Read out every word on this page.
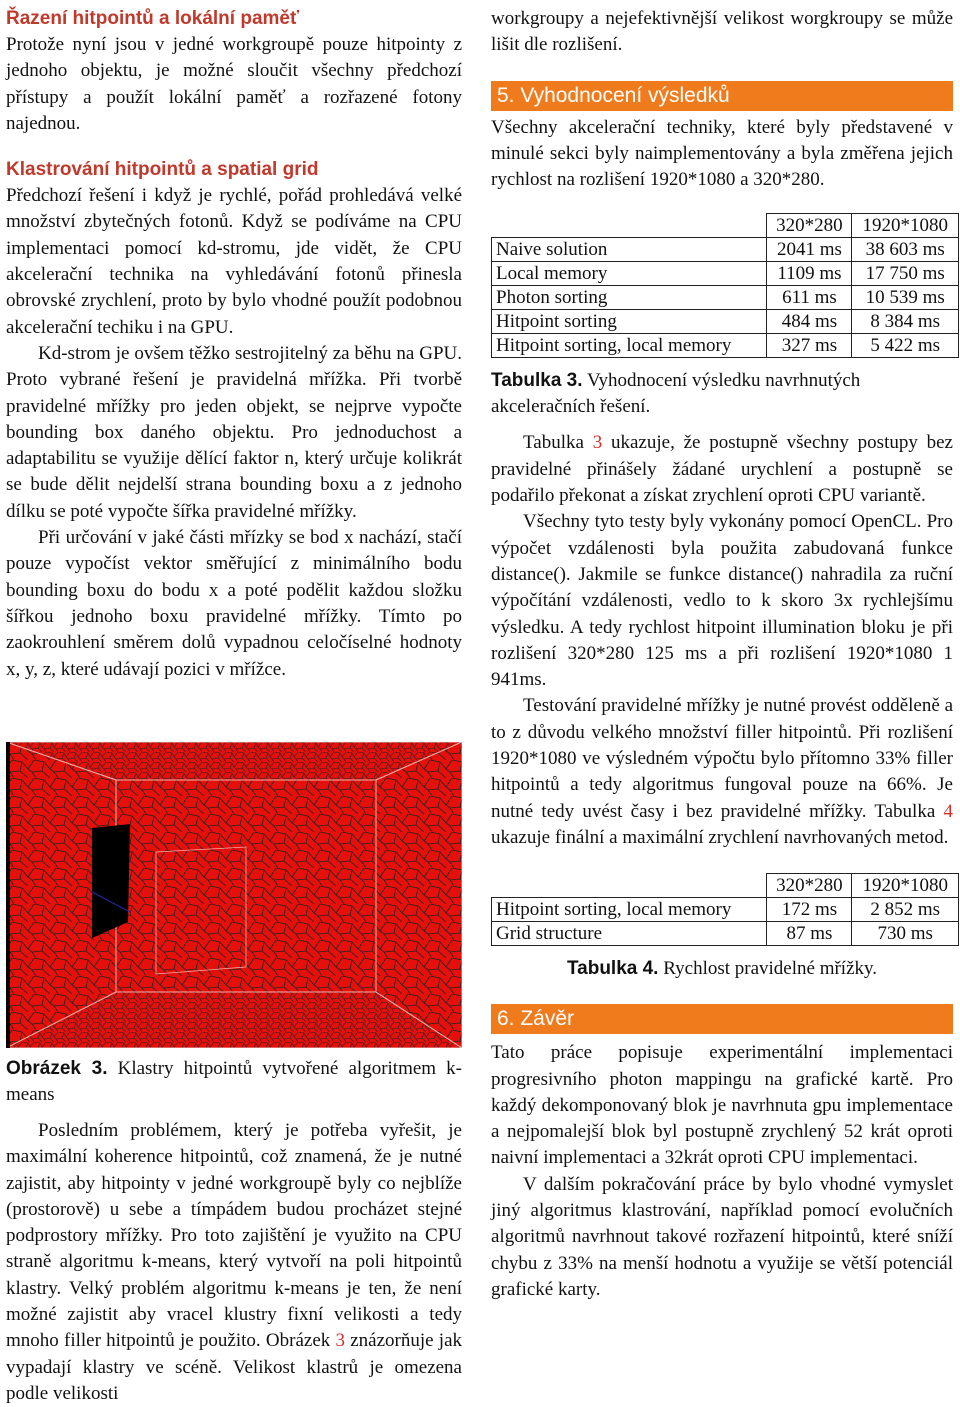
Řazení hitpointů a lokální paměť

Protože nyní jsou v jedné workgroupě pouze hitpointy z jednoho objektu, je možné sloučit všechny předchozí přístupy a použít lokální paměť a rozřazené fotony najednou.

Klastrování hitpointů a spatial grid

Předchozí řešení i když je rychlé, pořád prohledává velké množství zbytečných fotonů. Když se podíváme na CPU implementaci pomocí kd-stromu, jde vidět, že CPU akcelerační technika na vyhledávání fotonů přinesla obrovské zrychlení, proto by bylo vhodné použít podobnou akcelerační techiku i na GPU.

Kd-strom je ovšem těžko sestrojitelný za běhu na GPU. Proto vybrané řešení je pravidelná mřížka. Při tvorbě pravidelné mřížky pro jeden objekt, se nejprve vypočte bounding box daného objektu. Pro jednoduchost a adaptabilitu se využije dělící faktor n, který určuje kolikrát se bude dělit nejdelší strana bounding boxu a z jednoho dílku se poté vypočte šířka pravidelné mřížky.

Při určování v jaké části mřízky se bod x nachází, stačí pouze vypočíst vektor směřující z minimálního bodu bounding boxu do bodu x a poté podělit každou složku šířkou jednoho boxu pravidelné mřížky. Tímto po zaokrouhlení směrem dolů vypadnou celočíselné hodnoty x, y, z, které udávají pozici v mřížce.

Obrázek 3. Klastry hitpointů vytvořené algoritmem k-means

Posledním problémem, který je potřeba vyřešit, je maximální koherence hitpointů, což znamená, že je nutné zajistit, aby hitpointy v jedné workgroupě byly co nejblíže (prostorově) u sebe a tímpádem budou procházet stejné podprostory mřížky. Pro toto zajištění je využito na CPU straně algoritmu k-means, který vytvoří na poli hitpointů klastry. Velký problém algoritmu k-means je ten, že není možné zajistit aby vracel klustry fixní velikosti a tedy mnoho filler hitpointů je použito. Obrázek 3 znázorňuje jak vypadají klastry ve scéně. Velikost klastrů je omezena podle velikosti

workgroupy a nejefektivnější velikost worgkroupy se může lišit dle rozlišení.

5. Vyhodnocení výsledků

Všechny akcelerační techniky, které byly představené v minulé sekci byly naimplementovány a byla změřena jejich rychlost na rozlišení 1920*1080 a 320*280.

	320*280	1920*1080
Naive solution	2041 ms	38 603 ms
Local memory	1109 ms	17 750 ms
Photon sorting	611 ms	10 539 ms
Hitpoint sorting	484 ms	8 384 ms
Hitpoint sorting, local memory	327 ms	5 422 ms

Tabulka 3. Vyhodnocení výsledku navrhnutých akceleračních řešení.

Tabulka 3 ukazuje, že postupně všechny postupy bez pravidelné přinášely žádané urychlení a postupně se podařilo překonat a získat zrychlení oproti CPU variantě.

Všechny tyto testy byly vykonány pomocí OpenCL. Pro výpočet vzdálenosti byla použita zabudovaná funkce distance(). Jakmile se funkce distance() nahradila za ruční výpočítání vzdálenosti, vedlo to k skoro 3x rychlejšímu výsledku. A tedy rychlost hitpoint illumination bloku je při rozlišení 320*280 125 ms a při rozlišení 1920*1080 1 941ms.

Testování pravidelné mřížky je nutné provést odděleně a to z důvodu velkého množství filler hitpointů. Při rozlišení 1920*1080 ve výsledném výpočtu bylo přítomno 33% filler hitpointů a tedy algoritmus fungoval pouze na 66%. Je nutné tedy uvést časy i bez pravidelné mřížky. Tabulka 4 ukazuje finální a maximální zrychlení navrhovaných metod.

	320*280	1920*1080
Hitpoint sorting, local memory	172 ms	2 852 ms
Grid structure	87 ms	730 ms

Tabulka 4. Rychlost pravidelné mřížky.

6. Závěr

Tato práce popisuje experimentální implementaci progresivního photon mappingu na grafické kartě. Pro každý dekomponovaný blok je navrhnuta gpu implementace a nejpomalejší blok byl postupně zrychlený 52 krát oproti naivní implementaci a 32krát oproti CPU implementaci.

V dalším pokračování práce by bylo vhodné vymyslet jiný algoritmus klastrování, například pomocí evolučních algoritmů navrhnout takové rozřazení hitpointů, které sníží chybu z 33% na menší hodnotu a využije se větší potenciál grafické karty.
